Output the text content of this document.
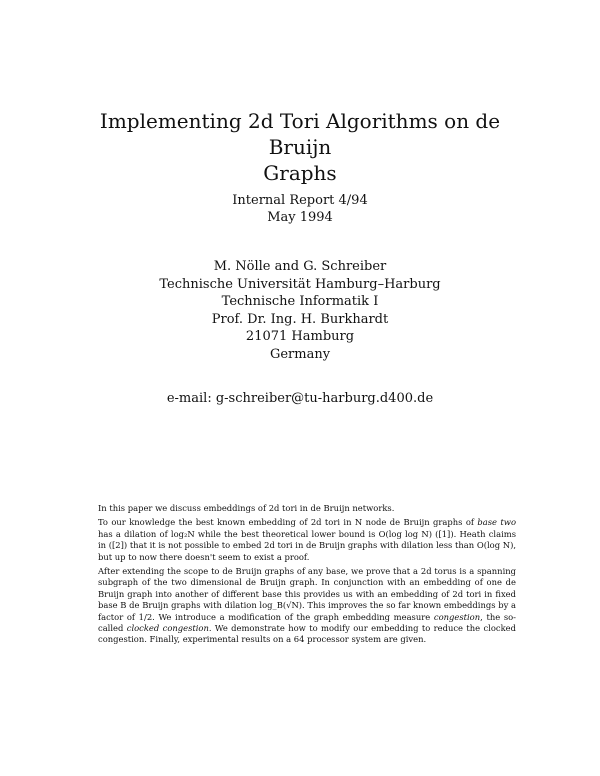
Implementing 2d Tori Algorithms on de Bruijn
Graphs
Internal Report 4/94
May 1994
M. Nölle and G. Schreiber
Technische Universität Hamburg–Harburg
Technische Informatik I
Prof. Dr. Ing. H. Burkhardt
21071 Hamburg
Germany
e-mail: g-schreiber@tu-harburg.d400.de

In this paper we discuss embeddings of 2d tori in de Bruijn networks.

To our knowledge the best known embedding of 2d tori in N node de Bruijn graphs of base two has a dilation of log₂N while the best theoretical lower bound is O(log log N) ([1]). Heath claims in ([2]) that it is not possible to embed 2d tori in de Bruijn graphs with dilation less than O(log N), but up to now there doesn't seem to exist a proof.

After extending the scope to de Bruijn graphs of any base, we prove that a 2d torus is a spanning subgraph of the two dimensional de Bruijn graph. In conjunction with an embedding of one de Bruijn graph into another of different base this provides us with an embedding of 2d tori in fixed base B de Bruijn graphs with dilation log_B(√N). This improves the so far known embeddings by a factor of 1/2. We introduce a modification of the graph embedding measure congestion, the so-called clocked congestion. We demonstrate how to modify our embedding to reduce the clocked congestion. Finally, experimental results on a 64 processor system are given.
